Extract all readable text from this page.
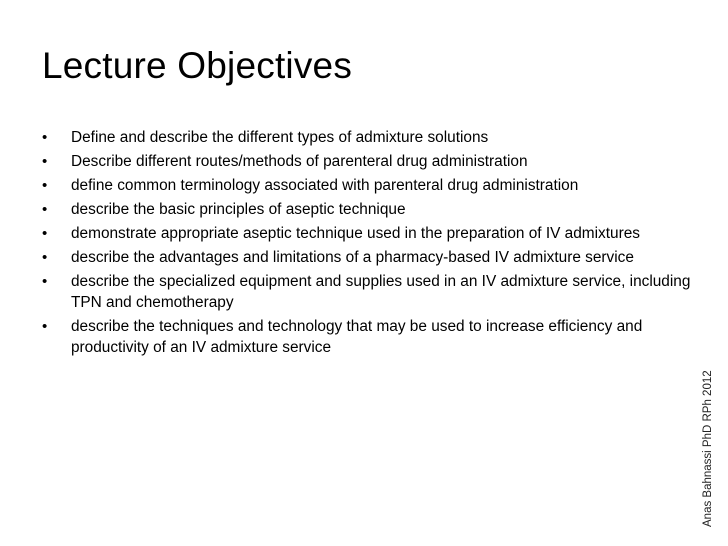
Lecture Objectives
•	Define and describe the different types of admixture solutions
•	Describe different routes/methods of parenteral drug administration
•	define common terminology associated with parenteral drug administration
•	describe the basic principles of aseptic technique
•	demonstrate appropriate aseptic technique used in the preparation of IV admixtures
•	describe the advantages and limitations of a pharmacy-based IV admixture service
•	describe the specialized equipment and supplies used in an IV admixture service, including TPN and chemotherapy
•	describe the techniques and technology that may be used to increase efficiency and productivity of an IV admixture service
Anas Bahnassi PhD RPh 2012
